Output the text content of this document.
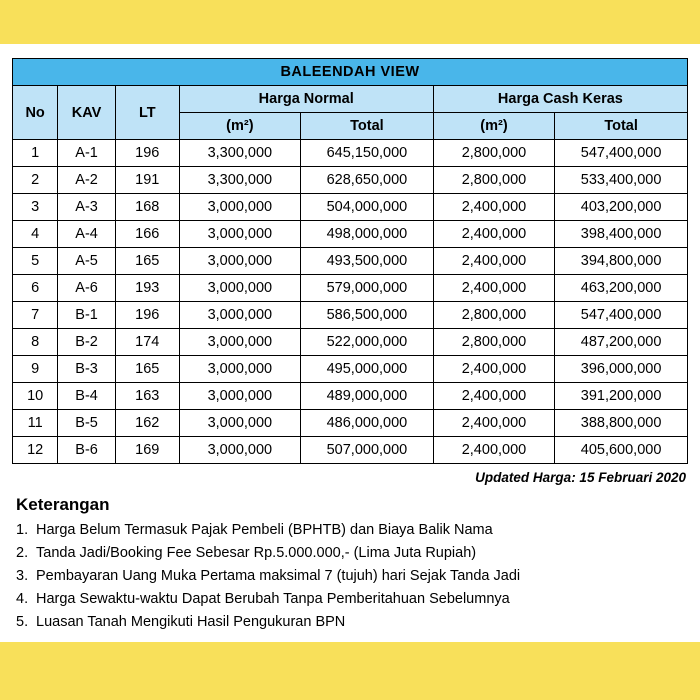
BALEENDAH VIEW						
No	KAV	LT	Harga Normal		Harga Cash Keras	
			(m²)	Total	(m²)	Total
1	A-1	196	3,300,000	645,150,000	2,800,000	547,400,000
2	A-2	191	3,300,000	628,650,000	2,800,000	533,400,000
3	A-3	168	3,000,000	504,000,000	2,400,000	403,200,000
4	A-4	166	3,000,000	498,000,000	2,400,000	398,400,000
5	A-5	165	3,000,000	493,500,000	2,400,000	394,800,000
6	A-6	193	3,000,000	579,000,000	2,400,000	463,200,000
7	B-1	196	3,000,000	586,500,000	2,800,000	547,400,000
8	B-2	174	3,000,000	522,000,000	2,800,000	487,200,000
9	B-3	165	3,000,000	495,000,000	2,400,000	396,000,000
10	B-4	163	3,000,000	489,000,000	2,400,000	391,200,000
11	B-5	162	3,000,000	486,000,000	2,400,000	388,800,000
12	B-6	169	3,000,000	507,000,000	2,400,000	405,600,000
Updated Harga: 15 Februari 2020
Keterangan
1. Harga Belum Termasuk Pajak Pembeli (BPHTB) dan Biaya Balik Nama
2. Tanda Jadi/Booking Fee Sebesar Rp.5.000.000,- (Lima Juta Rupiah)
3. Pembayaran Uang Muka Pertama maksimal 7 (tujuh) hari Sejak Tanda Jadi
4. Harga Sewaktu-waktu Dapat Berubah Tanpa Pemberitahuan Sebelumnya
5. Luasan Tanah Mengikuti Hasil Pengukuran BPN
